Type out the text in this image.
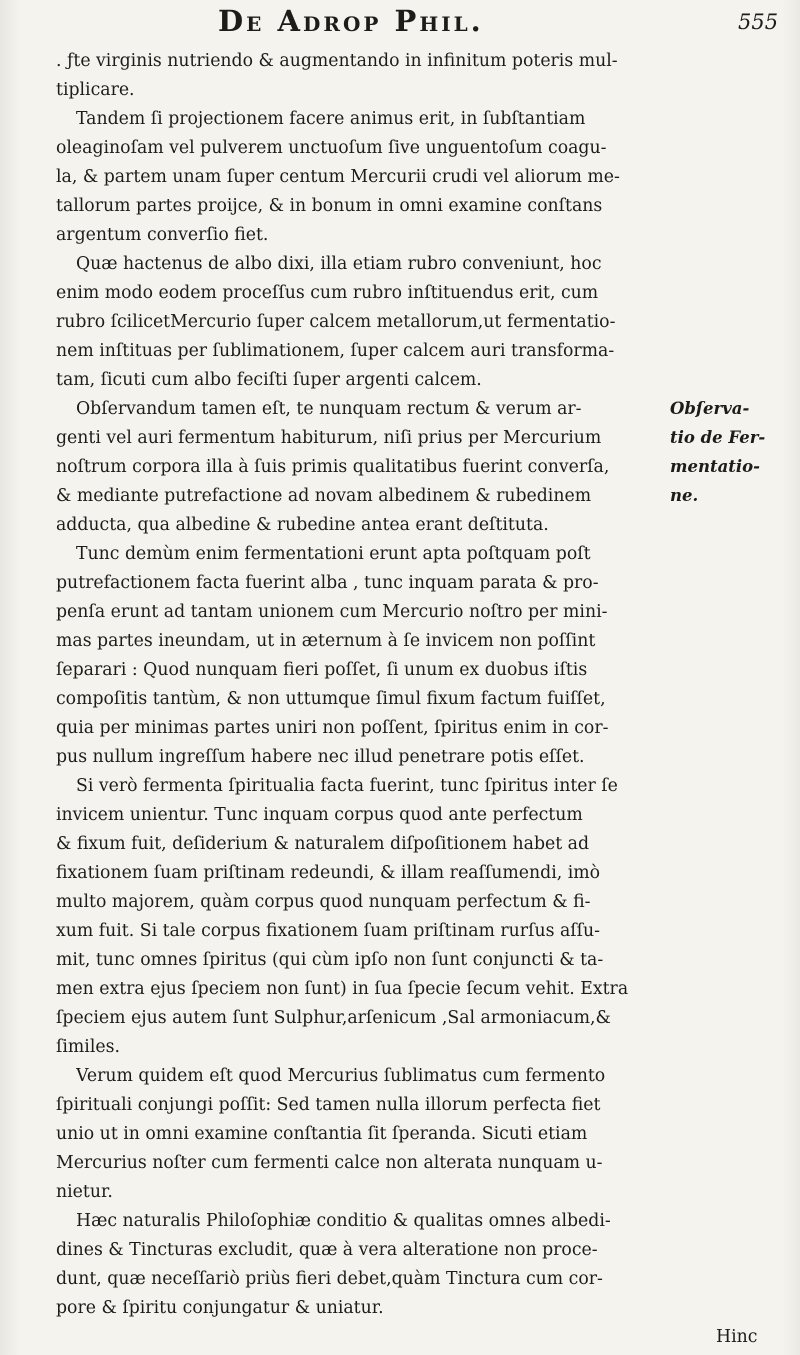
De Adrop Phil.	555
. ƒte virginis nutriendo & augmentando in infinitum poteris mul-
tiplicare.
Tandem ſi projectionem facere animus erit, in ſubſtantiam
oleaginoſam vel pulverem unctuoſum ſive unguentoſum coagu-
la, & partem unam ſuper centum Mercurii crudi vel aliorum me-
tallorum partes proijce, & in bonum in omni examine conſtans
argentum converſio fiet.
Quæ hactenus de albo dixi, illa etiam rubro conveniunt, hoc
enim modo eodem proceſſus cum rubro inſtituendus erit, cum
rubro ſcilicetMercurio ſuper calcem metallorum,ut fermentatio-
nem inſtituas per ſublimationem, ſuper calcem auri transforma-
tam, ſicuti cum albo feciſti ſuper argenti calcem.
Obſervandum tamen eſt, te nunquam rectum & verum ar-
genti vel auri fermentum habiturum, niſi prius per Mercurium
noſtrum corpora illa à ſuis primis qualitatibus fuerint converſa,
& mediante putrefactione ad novam albedinem & rubedinem
adducta, qua albedine & rubedine antea erant deſtituta.
Tunc demùm enim fermentationi erunt apta poſtquam poſt
putrefactionem facta fuerint alba , tunc inquam parata & pro-
penſa erunt ad tantam unionem cum Mercurio noſtro per mini-
mas partes ineundam, ut in æternum à ſe invicem non poſſint
ſeparari : Quod nunquam fieri poſſet, ſi unum ex duobus iſtis
compoſitis tantùm, & non uttumque ſimul fixum factum fuiſſet,
quia per minimas partes uniri non poſſent, ſpiritus enim in cor-
pus nullum ingreſſum habere nec illud penetrare potis eſſet.
Si verò fermenta ſpiritualia facta fuerint, tunc ſpiritus inter ſe
invicem unientur. Tunc inquam corpus quod ante perfectum
& fixum fuit, deſiderium & naturalem diſpoſitionem habet ad
fixationem ſuam priſtinam redeundi, & illam reaſſumendi, imò
multo majorem, quàm corpus quod nunquam perfectum & fi-
xum fuit. Si tale corpus fixationem ſuam priſtinam rurſus aſſu-
mit, tunc omnes ſpiritus (qui cùm ipſo non ſunt conjuncti & ta-
men extra ejus ſpeciem non ſunt) in ſua ſpecie ſecum vehit. Extra
ſpeciem ejus autem ſunt Sulphur,arſenicum ,Sal armoniacum,&
ſimiles.
Verum quidem eſt quod Mercurius ſublimatus cum fermento
ſpirituali conjungi poſſit: Sed tamen nulla illorum perfecta fiet
unio ut in omni examine conſtantia ſit ſperanda. Sicuti etiam
Mercurius noſter cum fermenti calce non alterata nunquam u-
nietur.
Hæc naturalis Philoſophiæ conditio & qualitas omnes albedi-
dines & Tincturas excludit, quæ à vera alteratione non proce-
dunt, quæ neceſſariò priùs fieri debet,quàm Tinctura cum cor-
pore & ſpiritu conjungatur & uniatur.
Hinc
Obſerva-
tio de Fer-
mentatio-
ne.
